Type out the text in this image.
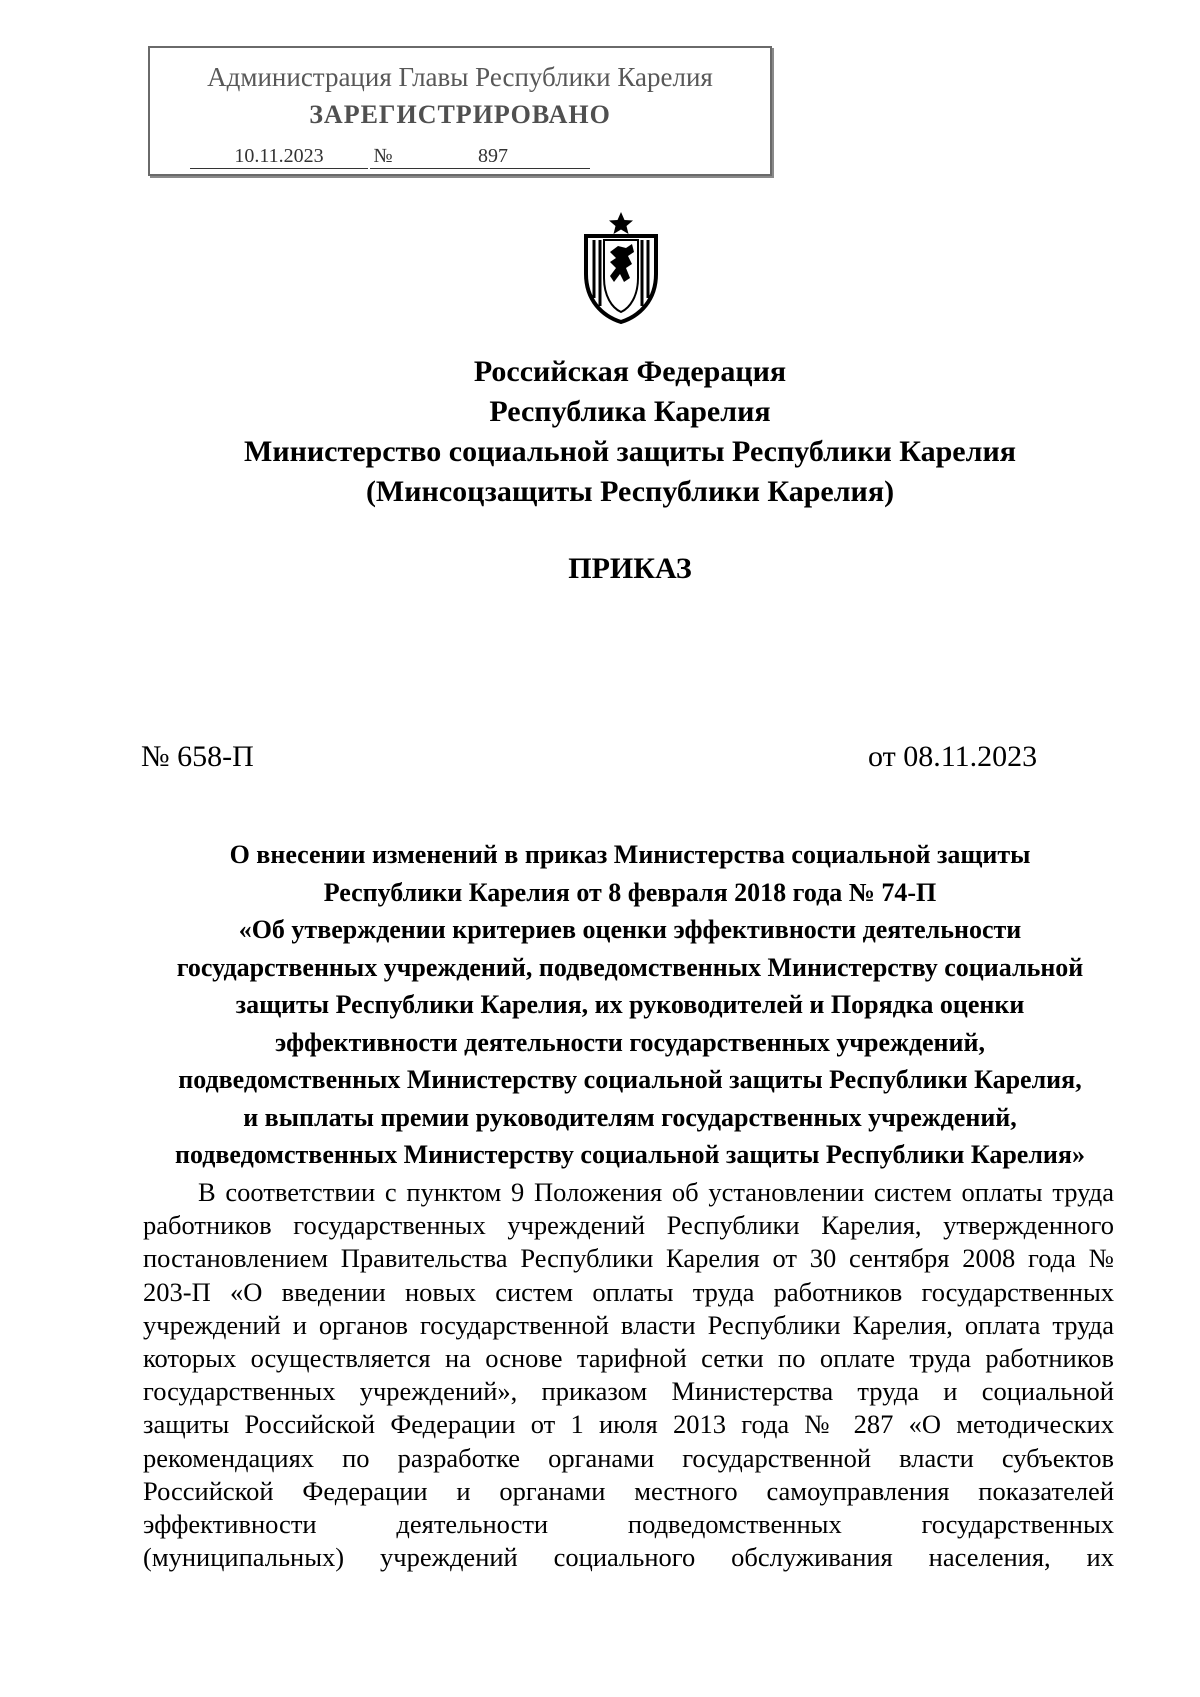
Администрация Главы Республики Карелия
ЗАРЕГИСТРИРОВАНО
10.11.2023	№	897
Российская Федерация
Республика Карелия
Министерство социальной защиты Республики Карелия
(Минсоцзащиты Республики Карелия)
ПРИКАЗ
№ 658-П	от 08.11.2023
О внесении изменений в приказ Министерства социальной защиты
Республики Карелия от 8 февраля 2018 года № 74-П
«Об утверждении критериев оценки эффективности деятельности
государственных учреждений, подведомственных Министерству социальной
защиты Республики Карелия, их руководителей и Порядка оценки
эффективности деятельности государственных учреждений,
подведомственных Министерству социальной защиты Республики Карелия,
и выплаты премии руководителям государственных учреждений,
подведомственных Министерству социальной защиты Республики Карелия»
В соответствии с пунктом 9 Положения об установлении систем оплаты труда
работников государственных учреждений Республики Карелия, утвержденного
постановлением Правительства Республики Карелия от 30 сентября 2008 года №
203-П «О введении новых систем оплаты труда работников государственных
учреждений и органов государственной власти Республики Карелия, оплата труда
которых осуществляется на основе тарифной сетки по оплате труда работников
государственных учреждений», приказом Министерства труда и социальной
защиты Российской Федерации от 1 июля 2013 года № 287 «О методических
рекомендациях по разработке органами государственной власти субъектов
Российской Федерации и органами местного самоуправления показателей
эффективности деятельности подведомственных государственных
(муниципальных) учреждений социального обслуживания населения, их
